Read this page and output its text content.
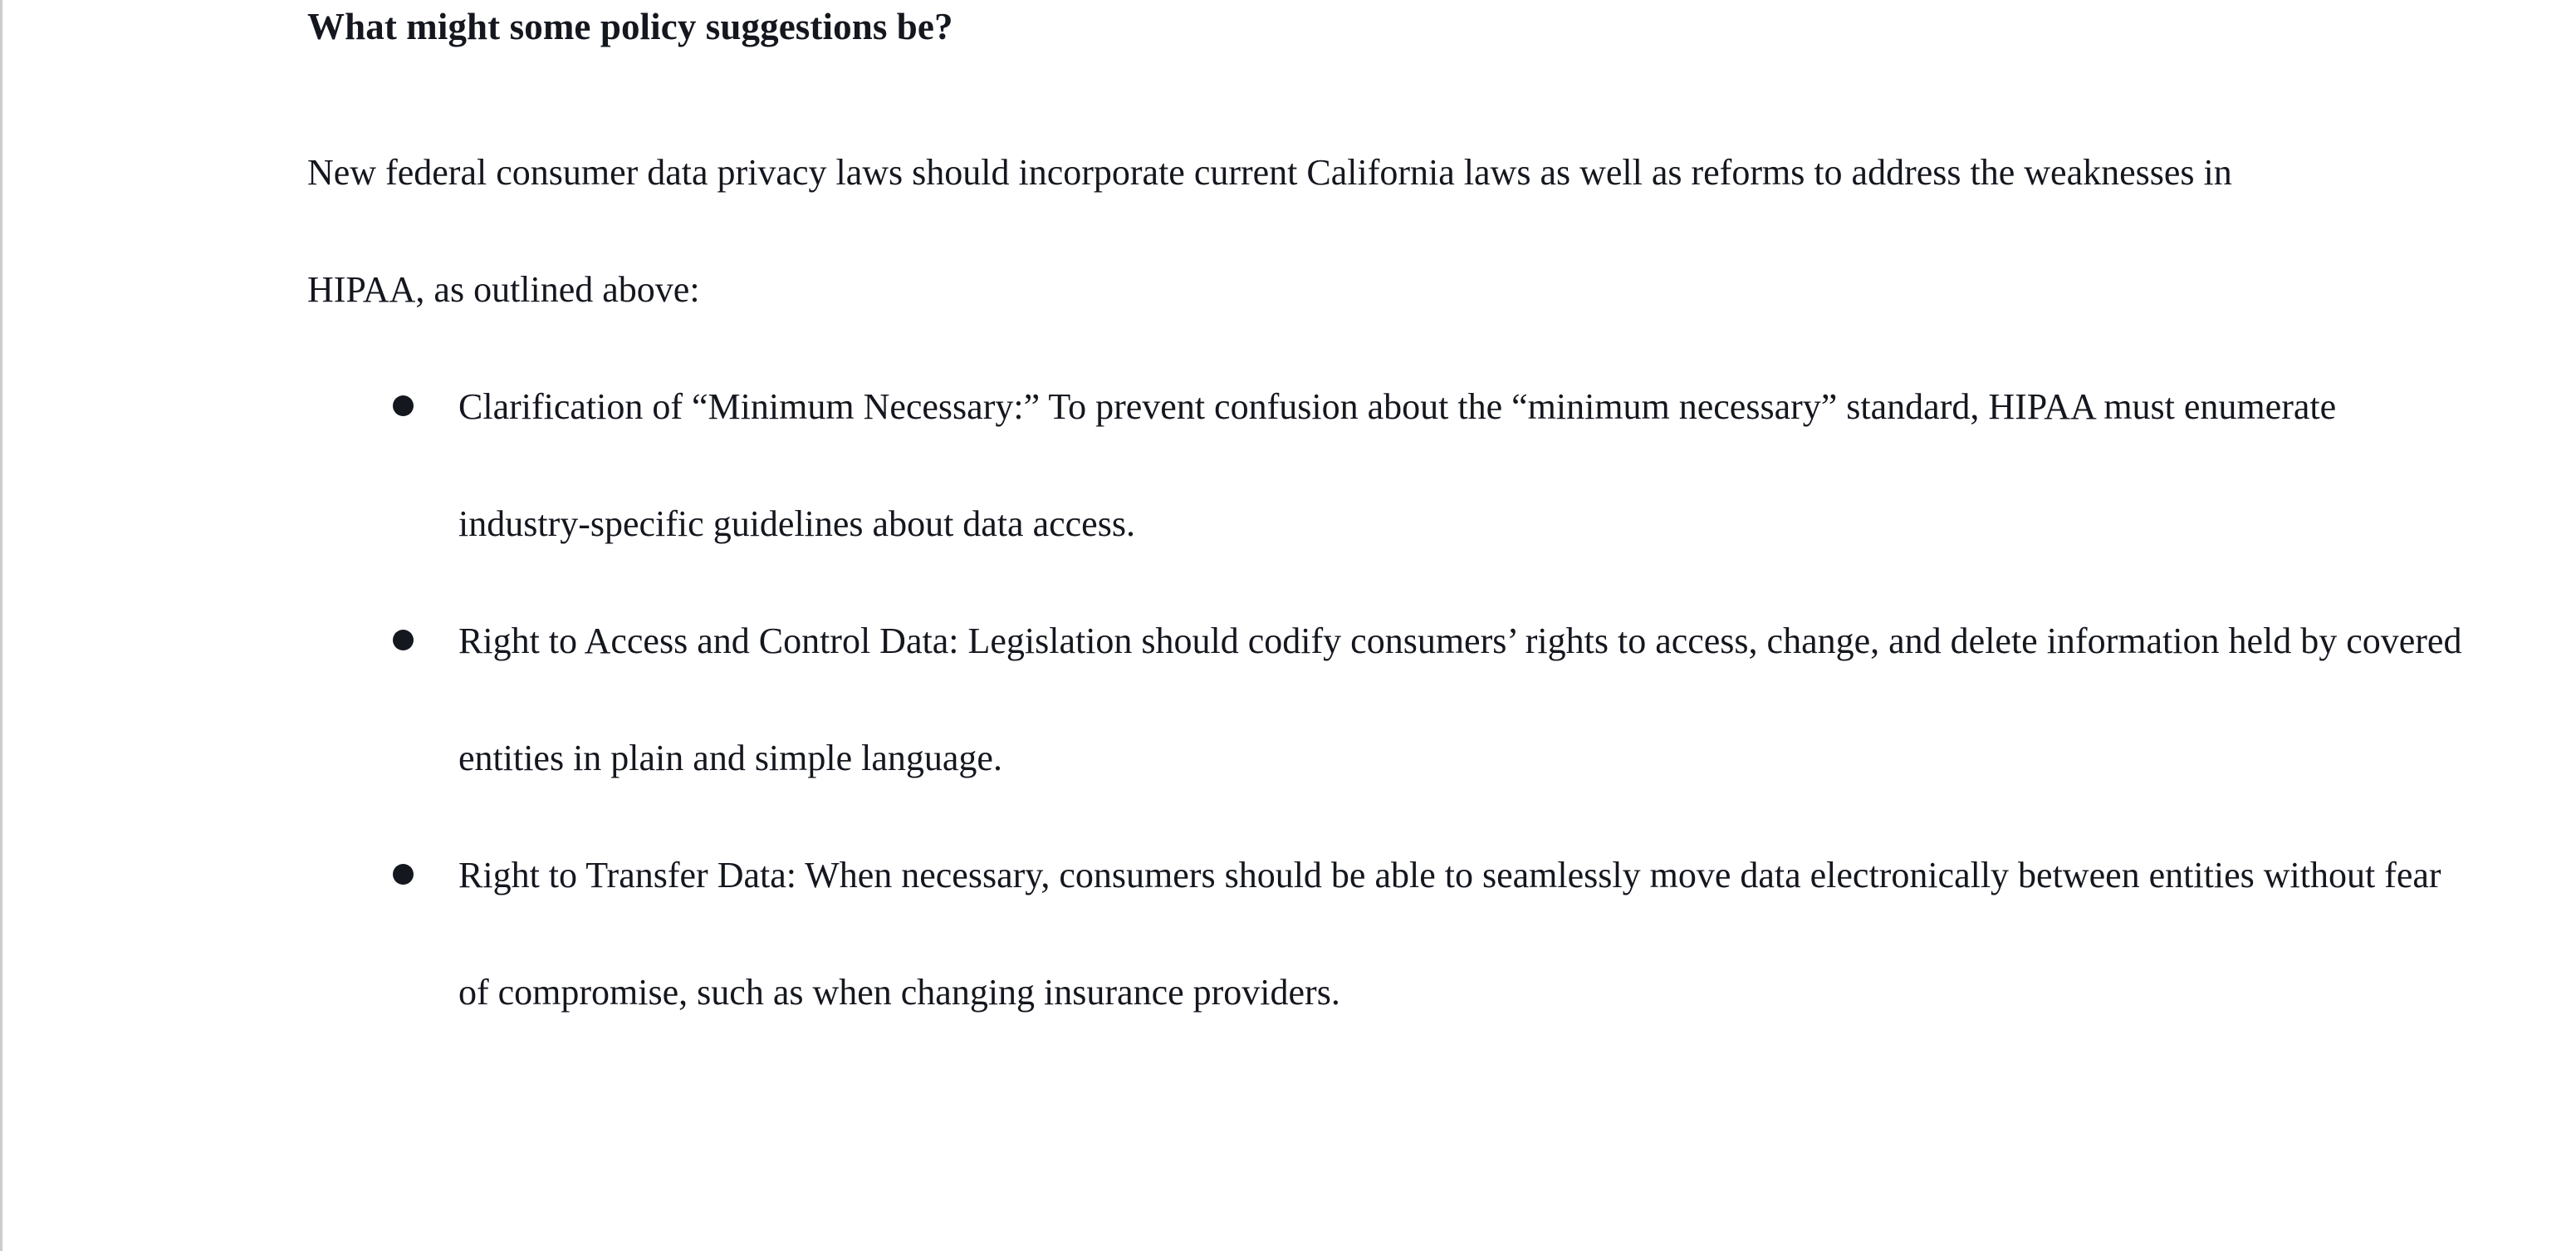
What might some policy suggestions be?

New federal consumer data privacy laws should incorporate current California laws as well as reforms to address the weaknesses in HIPAA, as outlined above:

Clarification of “Minimum Necessary:” To prevent confusion about the “minimum necessary” standard, HIPAA must enumerate industry-specific guidelines about data access.
Right to Access and Control Data: Legislation should codify consumers’ rights to access, change, and delete information held by covered entities in plain and simple language.
Right to Transfer Data: When necessary, consumers should be able to seamlessly move data electronically between entities without fear of compromise, such as when changing insurance providers.
